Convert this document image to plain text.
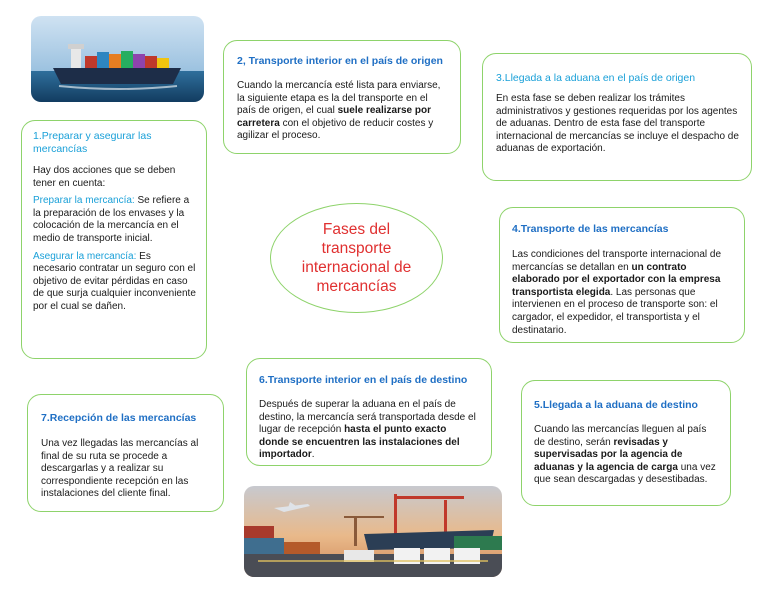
1.Preparar y asegurar las mercancías
Hay dos acciones que se deben tener en cuenta:
Preparar la mercancía: Se refiere a la preparación de los envases y la colocación de la mercancía en el medio de transporte inicial.
Asegurar la mercancía: Es necesario contratar un seguro con el objetivo de evitar pérdidas en caso de que surja cualquier inconveniente por el cual se dañen.
2, Transporte interior en el país de origen
Cuando la mercancía esté lista para enviarse, la siguiente etapa es la del transporte en el país de origen, el cual suele realizarse por carretera con el objetivo de reducir costes y agilizar el proceso.
3.Llegada a la aduana en el país de origen
En esta fase se deben realizar los trámites administrativos y gestiones requeridas por los agentes de aduanas. Dentro de esta fase del transporte internacional de mercancías se incluye el despacho de aduanas de exportación.
Fases del transporte internacional de mercancías
4.Transporte de las mercancías
Las condiciones del transporte internacional de mercancías se detallan en un contrato elaborado por el exportador con la empresa transportista elegida. Las personas que intervienen en el proceso de transporte son: el cargador, el expedidor, el transportista y el destinatario.
6.Transporte interior en el país de destino
Después de superar la aduana en el país de destino, la mercancía será transportada desde el lugar de recepción hasta el punto exacto donde se encuentren las instalaciones del importador.
7.Recepción de las mercancías
Una vez llegadas las mercancías al final de su ruta se procede a descargarlas y a realizar su correspondiente recepción en las instalaciones del cliente final.
5.Llegada a la aduana de destino
Cuando las mercancías lleguen al país de destino, serán revisadas y supervisadas por la agencia de aduanas y la agencia de carga una vez que sean descargadas y desestibadas.
